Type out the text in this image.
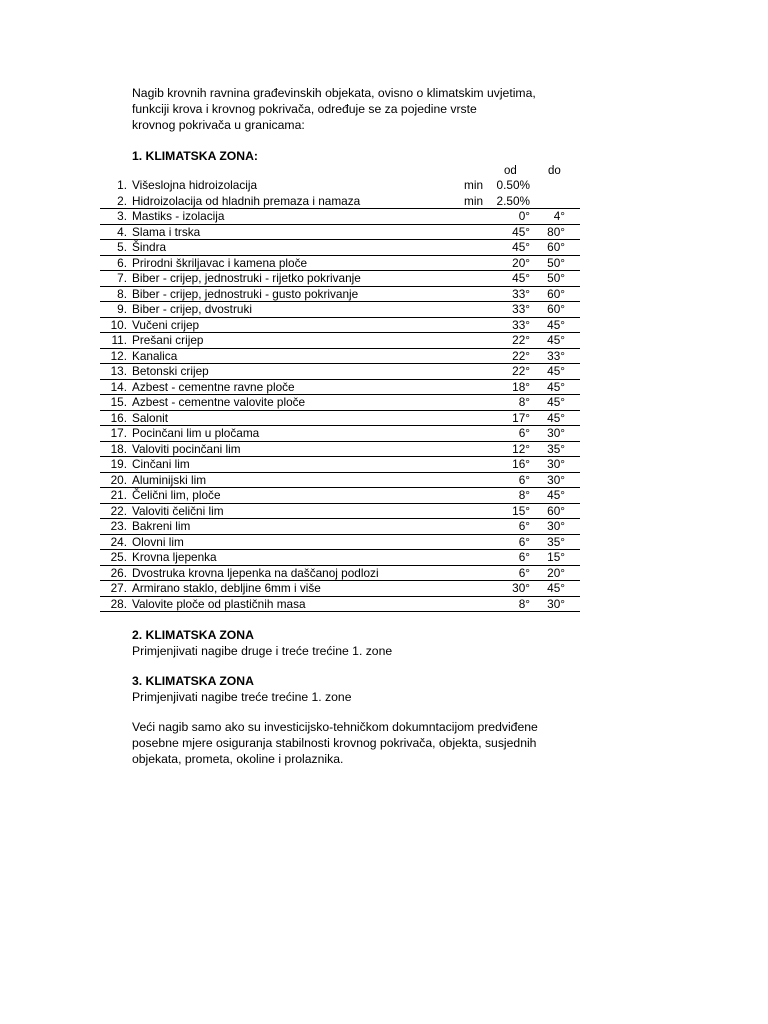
Nagib krovnih ravnina građevinskih objekata, ovisno o klimatskim uvjetima,
funkciji krova i krovnog pokrivača, određuje se za pojedine vrste
krovnog pokrivača u granicama:
1. KLIMATSKA ZONA:
od	do
1. Višeslojna hidroizolacija	min 0.50%
2. Hidroizolacija od hladnih premaza i namaza	min 2.50%
3. Mastiks - izolacija	0° 4°
4. Slama i trska	45° 80°
5. Šindra	45° 60°
6. Prirodni škriljavac i kamena ploče	20° 50°
7. Biber - crijep, jednostruki - rijetko pokrivanje	45° 50°
8. Biber - crijep, jednostruki - gusto pokrivanje	33° 60°
9. Biber - crijep, dvostruki	33° 60°
10. Vučeni crijep	33° 45°
11. Prešani crijep	22° 45°
12. Kanalica	22° 33°
13. Betonski crijep	22° 45°
14. Azbest - cementne ravne ploče	18° 45°
15. Azbest - cementne valovite ploče	8° 45°
16. Salonit	17° 45°
17. Pocinčani lim u pločama	6° 30°
18. Valoviti pocinčani lim	12° 35°
19. Cinčani lim	16° 30°
20. Aluminijski lim	6° 30°
21. Čelični lim, ploče	8° 45°
22. Valoviti čelični lim	15° 60°
23. Bakreni lim	6° 30°
24. Olovni lim	6° 35°
25. Krovna ljepenka	6° 15°
26. Dvostruka krovna ljepenka na daščanoj podlozi	6° 20°
27. Armirano staklo, debljine 6mm i više	30° 45°
28. Valovite ploče od plastičnih masa	8° 30°
2. KLIMATSKA ZONA
Primjenjivati nagibe druge i treće trećine 1. zone
3. KLIMATSKA ZONA
Primjenjivati nagibe treće trećine 1. zone
Veći nagib samo ako su investicijsko-tehničkom dokumntacijom predviđene
posebne mjere osiguranja stabilnosti krovnog pokrivača, objekta, susjednih
objekata, prometa, okoline i prolaznika.
